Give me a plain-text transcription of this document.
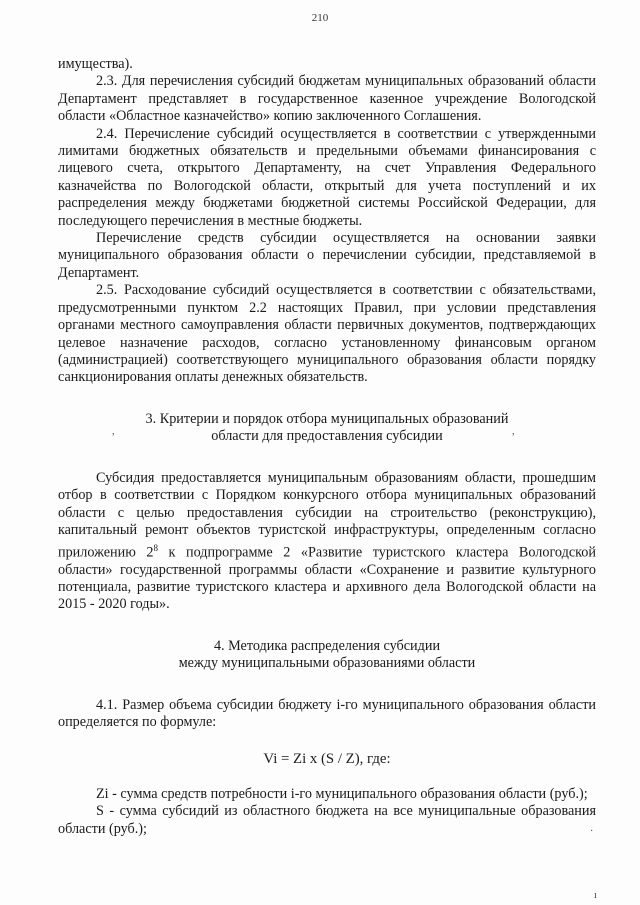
210

имущества).

2.3. Для перечисления субсидий бюджетам муниципальных образований области Департамент представляет в государственное казенное учреждение Вологодской области «Областное казначейство» копию заключенного Соглашения.

2.4. Перечисление субсидий осуществляется в соответствии с утвержденными лимитами бюджетных обязательств и предельными объемами финансирования с лицевого счета, открытого Департаменту, на счет Управления Федерального казначейства по Вологодской области, открытый для учета поступлений и их распределения между бюджетами бюджетной системы Российской Федерации, для последующего перечисления в местные бюджеты.

Перечисление средств субсидии осуществляется на основании заявки муниципального образования области о перечислении субсидии, представляемой в Департамент.

2.5. Расходование субсидий осуществляется в соответствии с обязательствами, предусмотренными пунктом 2.2 настоящих Правил, при условии представления органами местного самоуправления области первичных документов, подтверждающих целевое назначение расходов, согласно установленному финансовым органом (администрацией) соответствующего муниципального образования области порядку санкционирования оплаты денежных обязательств.

3. Критерии и порядок отбора муниципальных образований

области для предоставления субсидии

Субсидия предоставляется муниципальным образованиям области, прошедшим отбор в соответствии с Порядком конкурсного отбора муниципальных образований области с целью предоставления субсидии на строительство (реконструкцию), капитальный ремонт объектов туристской инфраструктуры, определенным согласно приложению $2^8$ к подпрограмме 2 «Развитие туристского кластера Вологодской области» государственной программы области «Сохранение и развитие культурного потенциала, развитие туристского кластера и архивного дела Вологодской области на 2015 - 2020 годы».

4. Методика распределения субсидии

между муниципальными образованиями области

4.1. Размер объема субсидии бюджету i-го муниципального образования области определяется по формуле:

Vi = Zi x (S / Z), где:

Zi - сумма средств потребности i-го муниципального образования области (руб.);

S - сумма субсидий из областного бюджета на все муниципальные образования области (руб.);

,	,
·
ı
